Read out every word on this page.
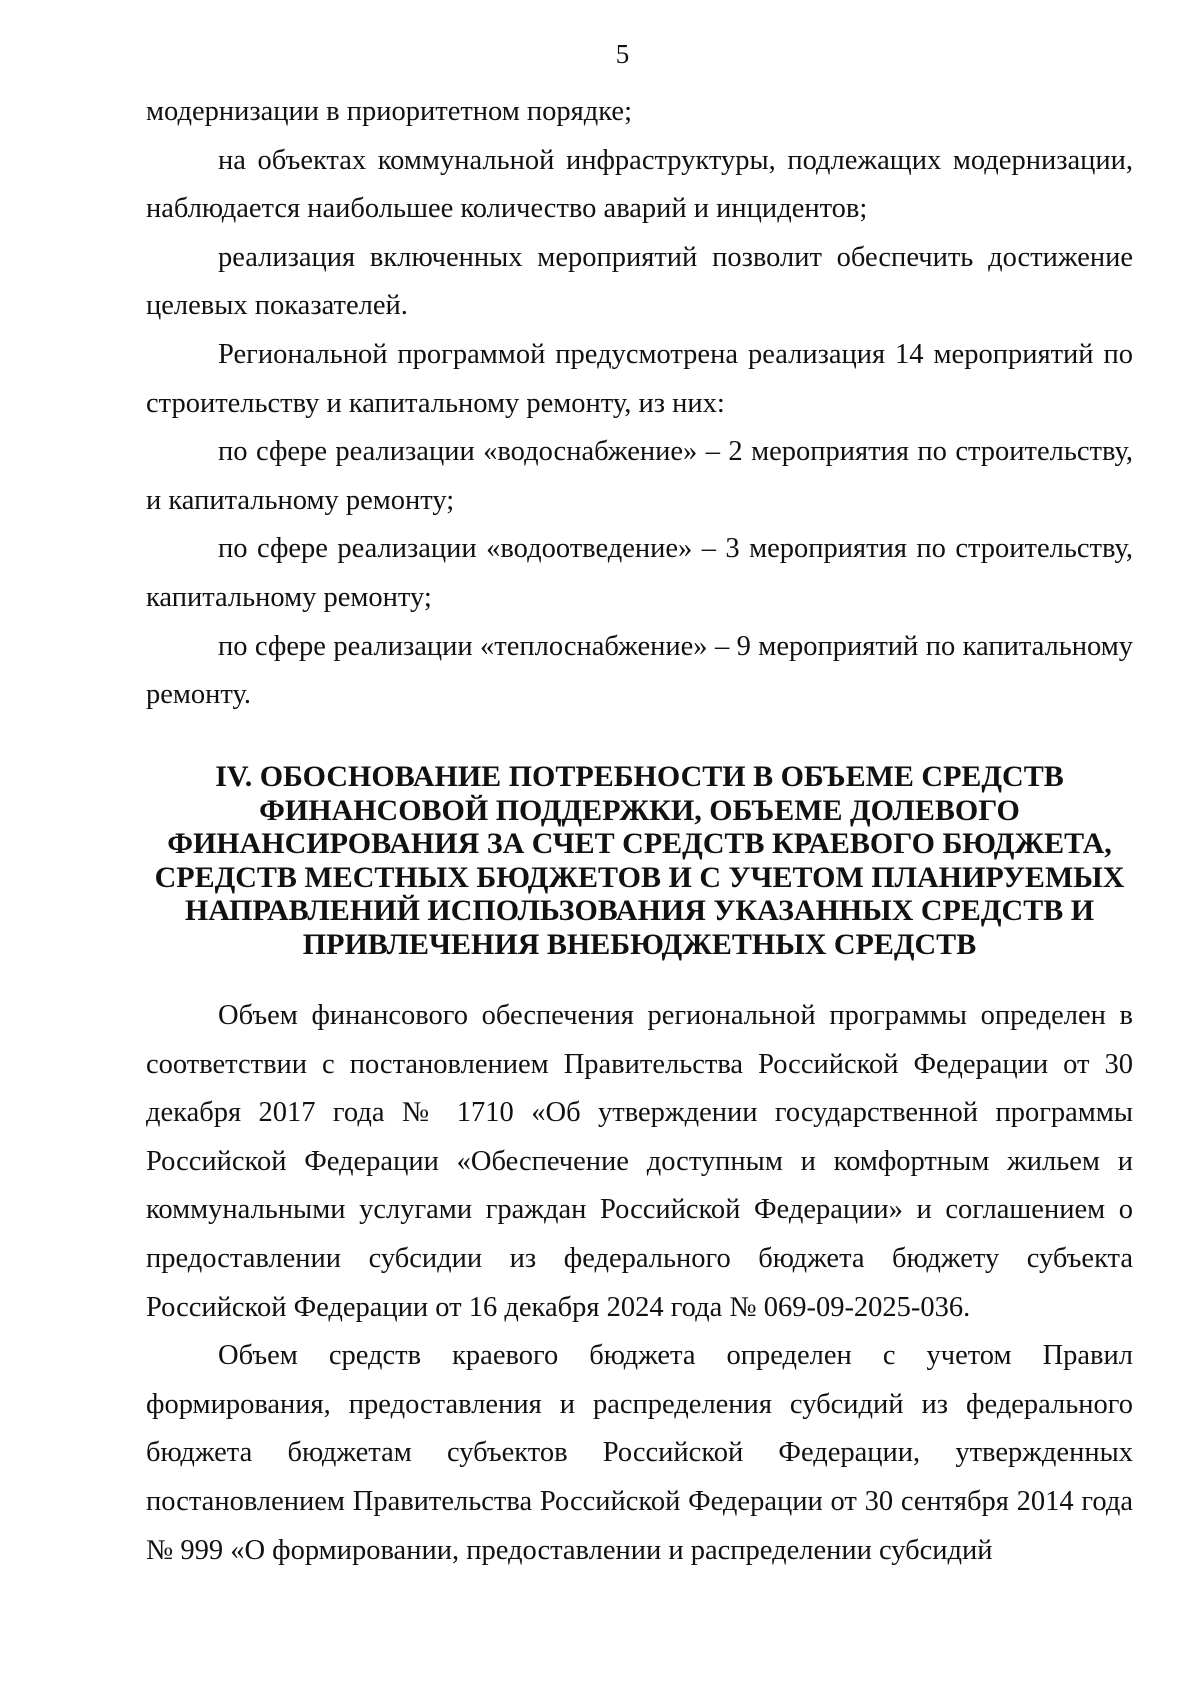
5

модернизации в приоритетном порядке;

на объектах коммунальной инфраструктуры, подлежащих модернизации, наблюдается наибольшее количество аварий и инцидентов;

реализация включенных мероприятий позволит обеспечить достижение целевых показателей.

Региональной программой предусмотрена реализация 14 мероприятий по строительству и капитальному ремонту, из них:

по сфере реализации «водоснабжение» – 2 мероприятия по строительству, и капитальному ремонту;

по сфере реализации «водоотведение» – 3 мероприятия по строительству, капитальному ремонту;

по сфере реализации «теплоснабжение» – 9 мероприятий по капитальному ремонту.

IV. ОБОСНОВАНИЕ ПОТРЕБНОСТИ В ОБЪЕМЕ СРЕДСТВ
ФИНАНСОВОЙ ПОДДЕРЖКИ, ОБЪЕМЕ ДОЛЕВОГО
ФИНАНСИРОВАНИЯ ЗА СЧЕТ СРЕДСТВ КРАЕВОГО БЮДЖЕТА,
СРЕДСТВ МЕСТНЫХ БЮДЖЕТОВ И С УЧЕТОМ ПЛАНИРУЕМЫХ
НАПРАВЛЕНИЙ ИСПОЛЬЗОВАНИЯ УКАЗАННЫХ СРЕДСТВ И
ПРИВЛЕЧЕНИЯ ВНЕБЮДЖЕТНЫХ СРЕДСТВ

Объем финансового обеспечения региональной программы определен в соответствии с постановлением Правительства Российской Федерации от 30 декабря 2017 года № 1710 «Об утверждении государственной программы Российской Федерации «Обеспечение доступным и комфортным жильем и коммунальными услугами граждан Российской Федерации» и соглашением о предоставлении субсидии из федерального бюджета бюджету субъекта Российской Федерации от 16 декабря 2024 года № 069-09-2025-036.

Объем средств краевого бюджета определен с учетом Правил формирования, предоставления и распределения субсидий из федерального бюджета бюджетам субъектов Российской Федерации, утвержденных постановлением Правительства Российской Федерации от 30 сентября 2014 года № 999 «О формировании, предоставлении и распределении субсидий
